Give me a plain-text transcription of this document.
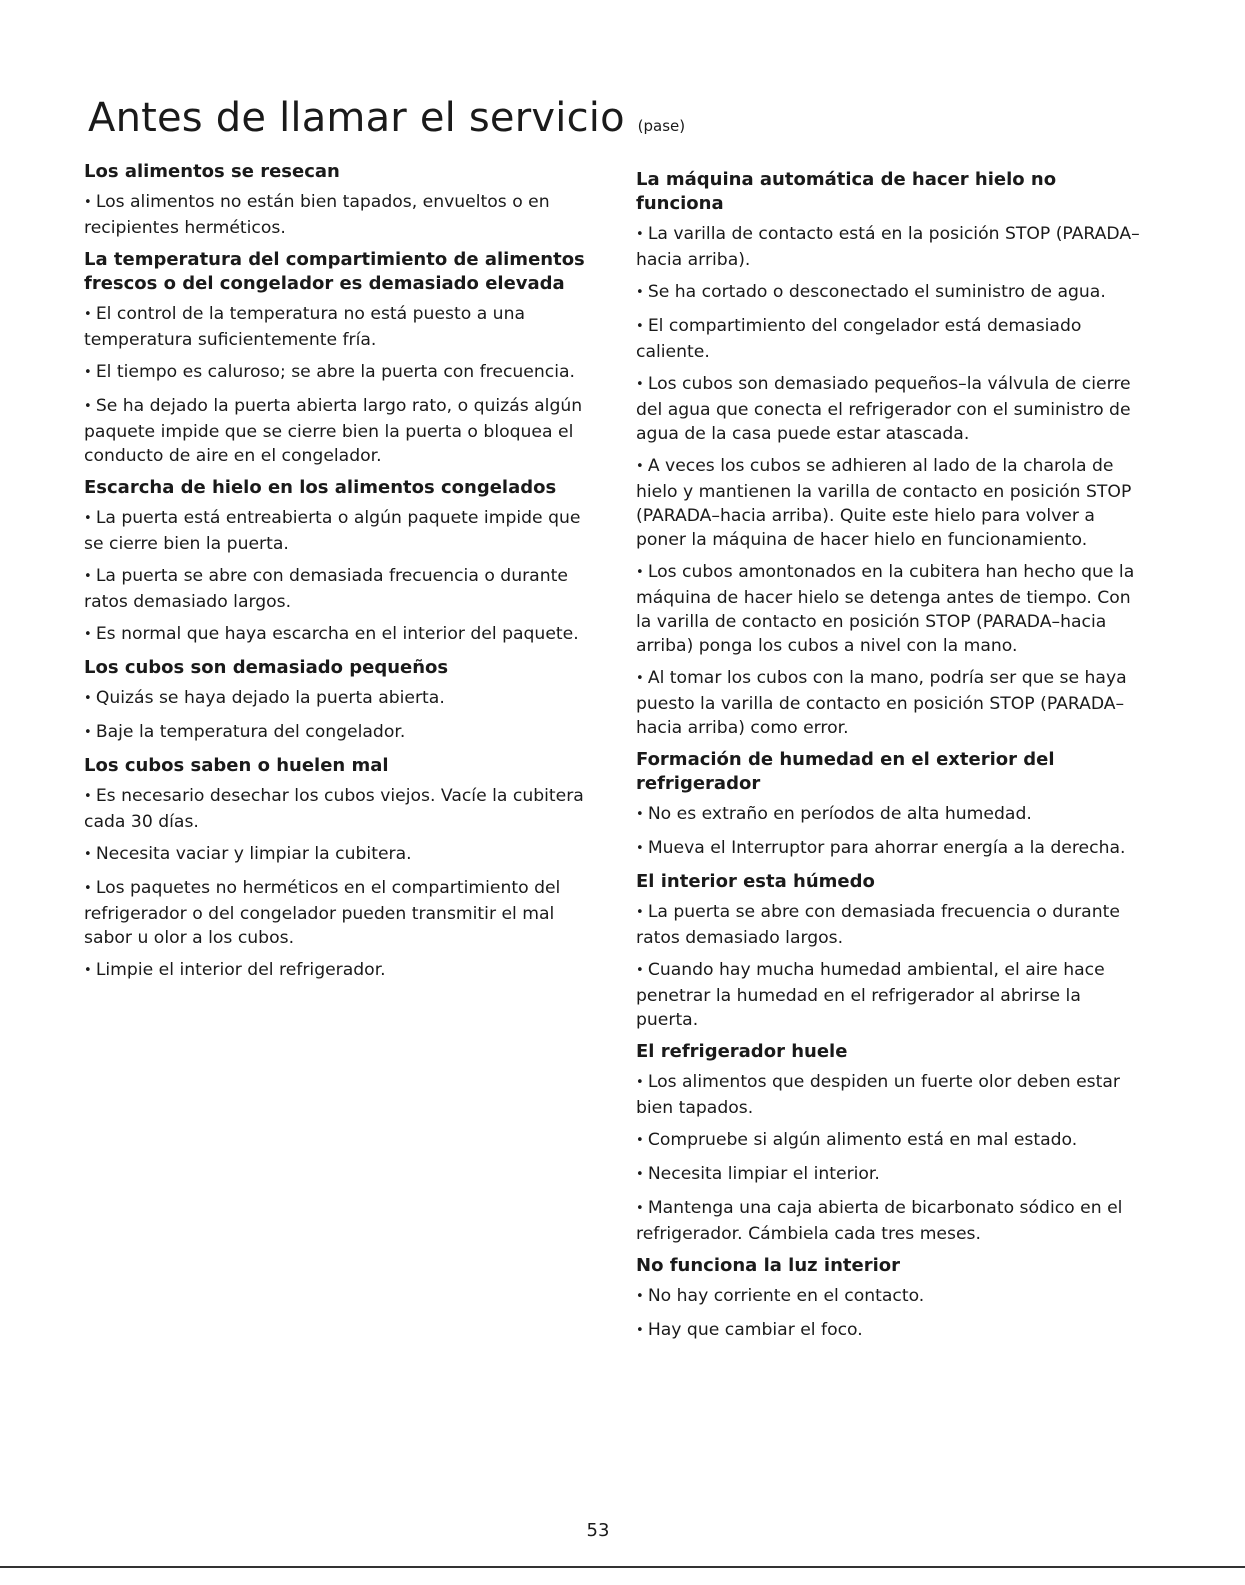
Antes de llamar el servicio (pase)
Los alimentos se resecan
• Los alimentos no están bien tapados, envueltos o en recipientes herméticos.
La temperatura del compartimiento de alimentos frescos o del congelador es demasiado elevada
• El control de la temperatura no está puesto a una temperatura suficientemente fría.
• El tiempo es caluroso; se abre la puerta con frecuencia.
• Se ha dejado la puerta abierta largo rato, o quizás algún paquete impide que se cierre bien la puerta o bloquea el conducto de aire en el congelador.
Escarcha de hielo en los alimentos congelados
• La puerta está entreabierta o algún paquete impide que se cierre bien la puerta.
• La puerta se abre con demasiada frecuencia o durante ratos demasiado largos.
• Es normal que haya escarcha en el interior del paquete.
Los cubos son demasiado pequeños
• Quizás se haya dejado la puerta abierta.
• Baje la temperatura del congelador.
Los cubos saben o huelen mal
• Es necesario desechar los cubos viejos. Vacíe la cubitera cada 30 días.
• Necesita vaciar y limpiar la cubitera.
• Los paquetes no herméticos en el compartimiento del refrigerador o del congelador pueden transmitir el mal sabor u olor a los cubos.
• Limpie el interior del refrigerador.
La máquina automática de hacer hielo no funciona
• La varilla de contacto está en la posición STOP (PARADA–hacia arriba).
• Se ha cortado o desconectado el suministro de agua.
• El compartimiento del congelador está demasiado caliente.
• Los cubos son demasiado pequeños–la válvula de cierre del agua que conecta el refrigerador con el suministro de agua de la casa puede estar atascada.
• A veces los cubos se adhieren al lado de la charola de hielo y mantienen la varilla de contacto en posición STOP (PARADA–hacia arriba). Quite este hielo para volver a poner la máquina de hacer hielo en funcionamiento.
• Los cubos amontonados en la cubitera han hecho que la máquina de hacer hielo se detenga antes de tiempo. Con la varilla de contacto en posición STOP (PARADA–hacia arriba) ponga los cubos a nivel con la mano.
• Al tomar los cubos con la mano, podría ser que se haya puesto la varilla de contacto en posición STOP (PARADA–hacia arriba) como error.
Formación de humedad en el exterior del refrigerador
• No es extraño en períodos de alta humedad.
• Mueva el Interruptor para ahorrar energía a la derecha.
El interior esta húmedo
• La puerta se abre con demasiada frecuencia o durante ratos demasiado largos.
• Cuando hay mucha humedad ambiental, el aire hace penetrar la humedad en el refrigerador al abrirse la puerta.
El refrigerador huele
• Los alimentos que despiden un fuerte olor deben estar bien tapados.
• Compruebe si algún alimento está en mal estado.
• Necesita limpiar el interior.
• Mantenga una caja abierta de bicarbonato sódico en el refrigerador. Cámbiela cada tres meses.
No funciona la luz interior
• No hay corriente en el contacto.
• Hay que cambiar el foco.
53
